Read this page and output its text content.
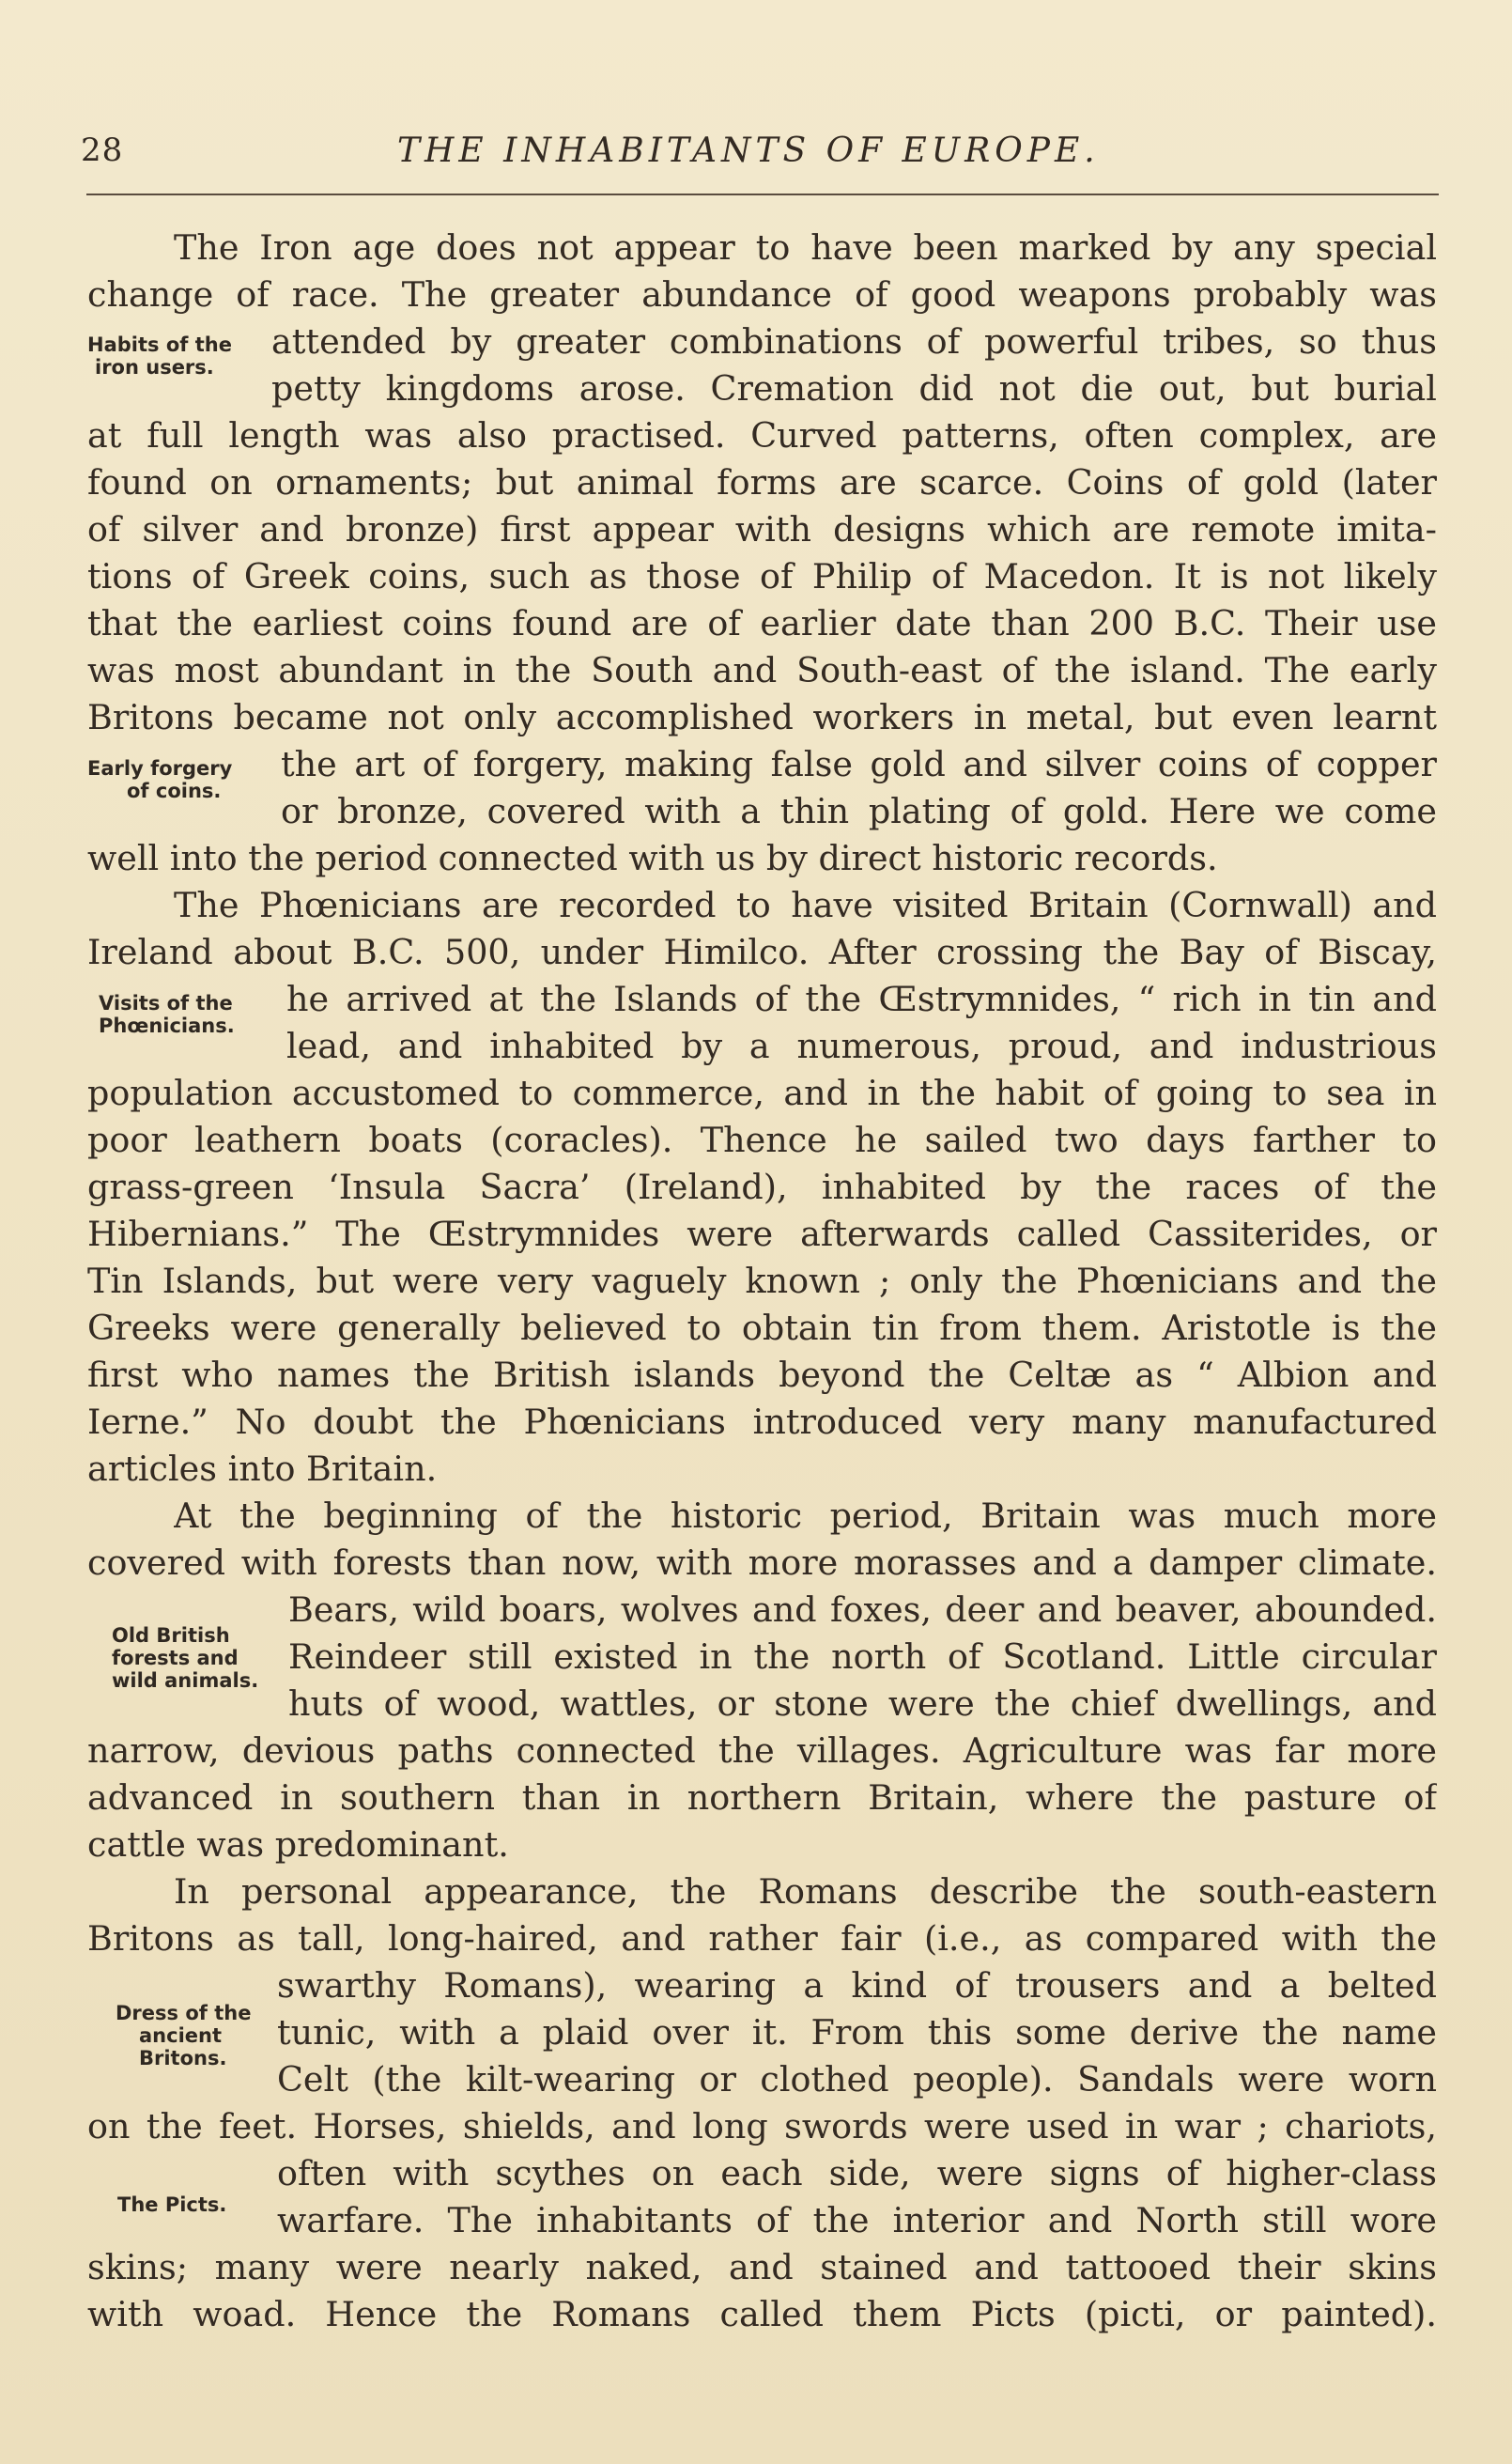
28	THE INHABITANTS OF EUROPE.
The Iron age does not appear to have been marked by any special
change of race. The greater abundance of good weapons probably was
attended by greater combinations of powerful tribes, so thus
petty kingdoms arose. Cremation did not die out, but burial
at full length was also practised. Curved patterns, often complex, are
found on ornaments; but animal forms are scarce. Coins of gold (later
of silver and bronze) first appear with designs which are remote imita-
tions of Greek coins, such as those of Philip of Macedon. It is not likely
that the earliest coins found are of earlier date than 200 B.C. Their use
was most abundant in the South and South-east of the island. The early
Britons became not only accomplished workers in metal, but even learnt
the art of forgery, making false gold and silver coins of copper
or bronze, covered with a thin plating of gold. Here we come
well into the period connected with us by direct historic records.
The Phœnicians are recorded to have visited Britain (Cornwall) and
Ireland about B.C. 500, under Himilco. After crossing the Bay of Biscay,
he arrived at the Islands of the Œstrymnides, “ rich in tin and
lead, and inhabited by a numerous, proud, and industrious
population accustomed to commerce, and in the habit of going to sea in
poor leathern boats (coracles). Thence he sailed two days farther to
grass-green ‘Insula Sacra’ (Ireland), inhabited by the races of the
Hibernians.” The Œstrymnides were afterwards called Cassiterides, or
Tin Islands, but were very vaguely known ; only the Phœnicians and the
Greeks were generally believed to obtain tin from them. Aristotle is the
first who names the British islands beyond the Celtæ as “ Albion and
Ierne.” No doubt the Phœnicians introduced very many manufactured
articles into Britain.
At the beginning of the historic period, Britain was much more
covered with forests than now, with more morasses and a damper climate.
Bears, wild boars, wolves and foxes, deer and beaver, abounded.
Reindeer still existed in the north of Scotland. Little circular
huts of wood, wattles, or stone were the chief dwellings, and
narrow, devious paths connected the villages. Agriculture was far more
advanced in southern than in northern Britain, where the pasture of
cattle was predominant.
In personal appearance, the Romans describe the south-eastern
Britons as tall, long-haired, and rather fair (i.e., as compared with the
swarthy Romans), wearing a kind of trousers and a belted
tunic, with a plaid over it. From this some derive the name
Celt (the kilt-wearing or clothed people). Sandals were worn
on the feet. Horses, shields, and long swords were used in war ; chariots,
often with scythes on each side, were signs of higher-class
warfare. The inhabitants of the interior and North still wore
skins; many were nearly naked, and stained and tattooed their skins
with woad. Hence the Romans called them Picts (picti, or painted).
Habits of the
iron users.
Early forgery
of coins.
Visits of the
Phœnicians.
Old British
forests and
wild animals.
Dress of the
ancient
Britons.
The Picts.
